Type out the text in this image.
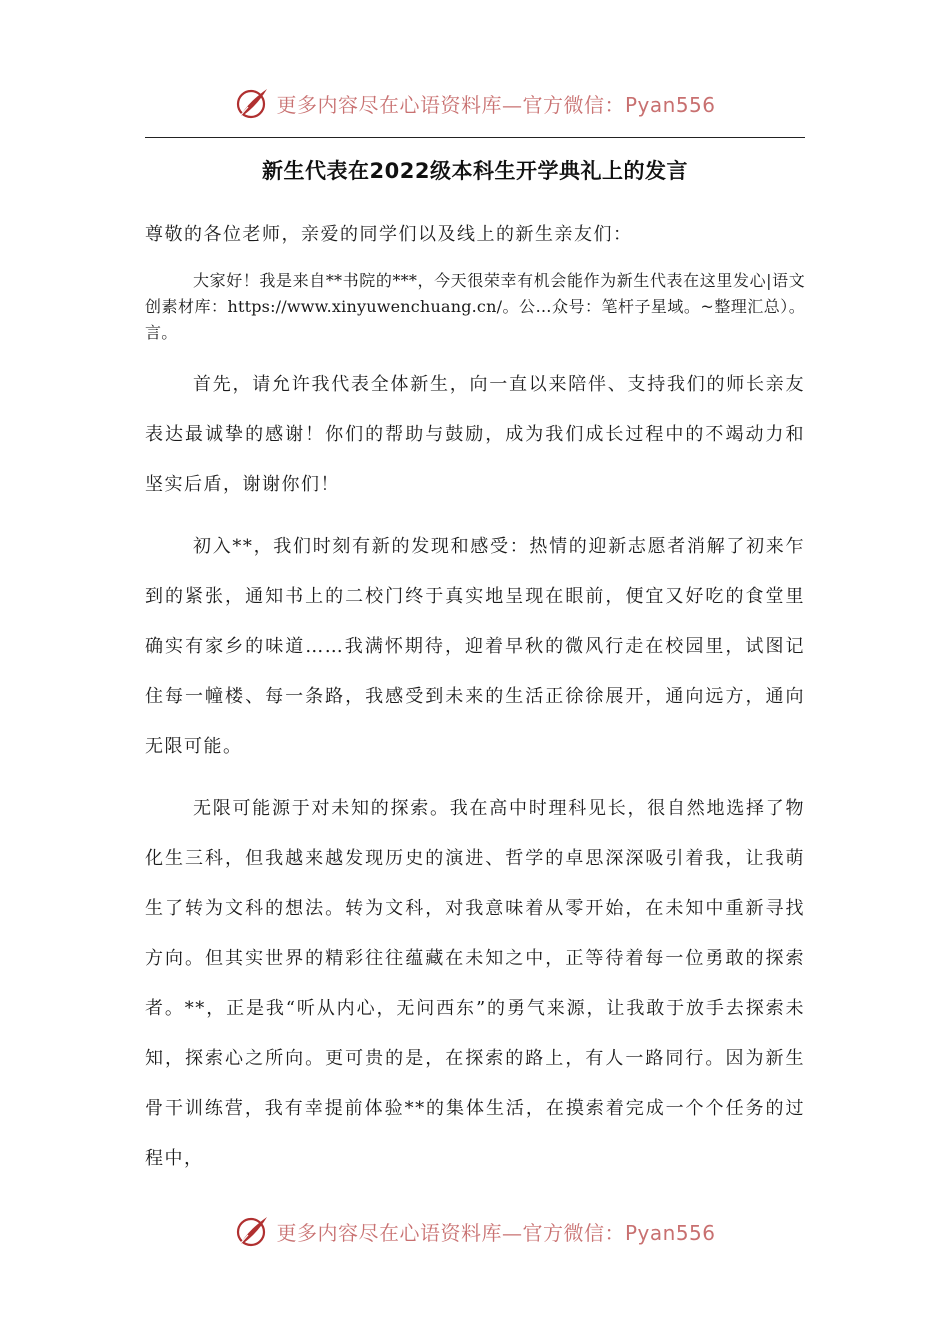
更多内容尽在心语资料库—官方微信：Pyan556
新生代表在2022级本科生开学典礼上的发言

尊敬的各位老师，亲爱的同学们以及线上的新生亲友们：

大家好！我是来自**书院的***，今天很荣幸有机会能作为新生代表在这里发心|语文创素材库：https://www.xinyuwenchuang.cn/。公…众号：笔杆子星域。~整理汇总）。言。

首先，请允许我代表全体新生，向一直以来陪伴、支持我们的师长亲友表达最诚挚的感谢！你们的帮助与鼓励，成为我们成长过程中的不竭动力和坚实后盾，谢谢你们！

初入**，我们时刻有新的发现和感受：热情的迎新志愿者消解了初来乍到的紧张，通知书上的二校门终于真实地呈现在眼前，便宜又好吃的食堂里确实有家乡的味道……我满怀期待，迎着早秋的微风行走在校园里，试图记住每一幢楼、每一条路，我感受到未来的生活正徐徐展开，通向远方，通向无限可能。

无限可能源于对未知的探索。我在高中时理科见长，很自然地选择了物化生三科，但我越来越发现历史的演进、哲学的卓思深深吸引着我，让我萌生了转为文科的想法。转为文科，对我意味着从零开始，在未知中重新寻找方向。但其实世界的精彩往往蕴藏在未知之中，正等待着每一位勇敢的探索者。**，正是我“听从内心，无问西东”的勇气来源，让我敢于放手去探索未知，探索心之所向。更可贵的是，在探索的路上，有人一路同行。因为新生骨干训练营，我有幸提前体验**的集体生活，在摸索着完成一个个任务的过程中，

更多内容尽在心语资料库—官方微信：Pyan556
